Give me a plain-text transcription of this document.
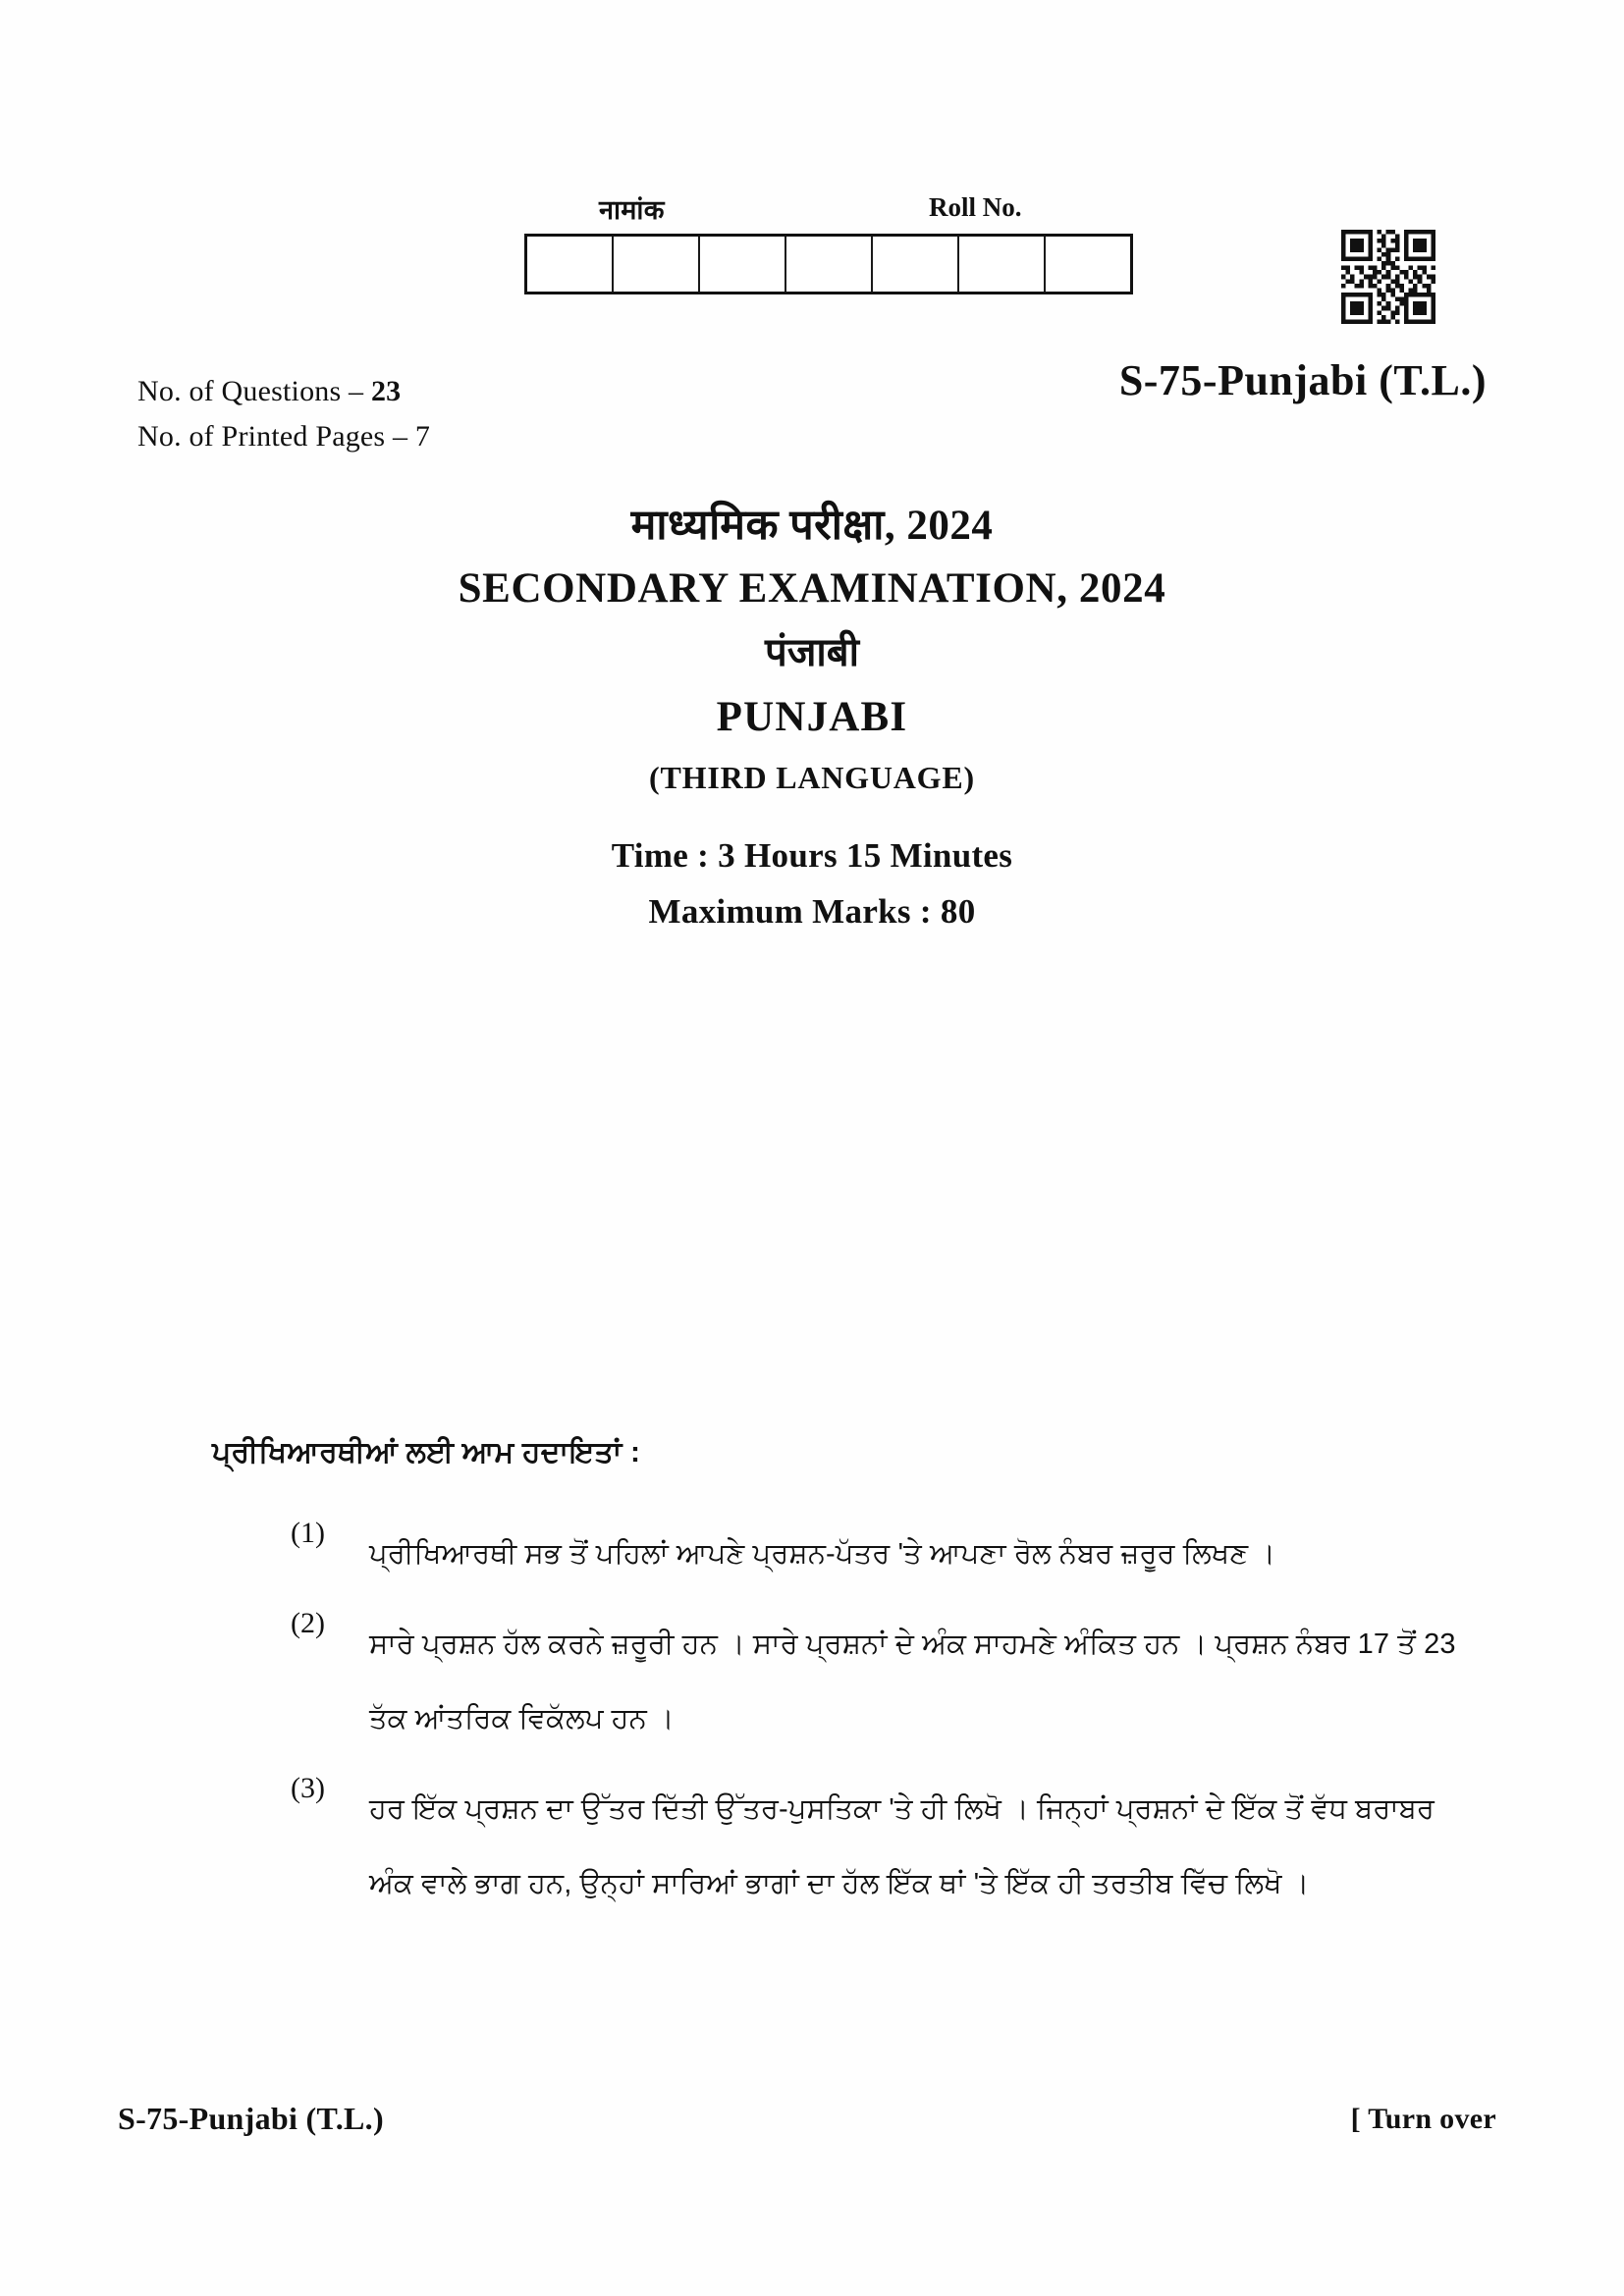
नामांक	Roll No.
No. of Questions – 23
No. of Printed Pages – 7
S-75-Punjabi (T.L.)
माध्यमिक परीक्षा, 2024
SECONDARY EXAMINATION, 2024
पंजाबी
PUNJABI
(THIRD LANGUAGE)
Time : 3 Hours 15 Minutes
Maximum Marks : 80
ਪ੍ਰੀਖਿਆਰਥੀਆਂ ਲਈ ਆਮ ਹਦਾਇਤਾਂ :
(1)
ਪ੍ਰੀਖਿਆਰਥੀ ਸਭ ਤੋਂ ਪਹਿਲਾਂ ਆਪਣੇ ਪ੍ਰਸ਼ਨ-ਪੱਤਰ 'ਤੇ ਆਪਣਾ ਰੋਲ ਨੰਬਰ ਜ਼ਰੂਰ ਲਿਖਣ ।
(2)
ਸਾਰੇ ਪ੍ਰਸ਼ਨ ਹੱਲ ਕਰਨੇ ਜ਼ਰੂਰੀ ਹਨ । ਸਾਰੇ ਪ੍ਰਸ਼ਨਾਂ ਦੇ ਅੰਕ ਸਾਹਮਣੇ ਅੰਕਿਤ ਹਨ । ਪ੍ਰਸ਼ਨ ਨੰਬਰ 17 ਤੋਂ 23 ਤੱਕ ਆਂਤਰਿਕ ਵਿਕੱਲਪ ਹਨ ।
(3)
ਹਰ ਇੱਕ ਪ੍ਰਸ਼ਨ ਦਾ ਉੱਤਰ ਦਿੱਤੀ ਉੱਤਰ-ਪੁਸਤਿਕਾ 'ਤੇ ਹੀ ਲਿਖੋ । ਜਿਨ੍ਹਾਂ ਪ੍ਰਸ਼ਨਾਂ ਦੇ ਇੱਕ ਤੋਂ ਵੱਧ ਬਰਾਬਰ ਅੰਕ ਵਾਲੇ ਭਾਗ ਹਨ, ਉਨ੍ਹਾਂ ਸਾਰਿਆਂ ਭਾਗਾਂ ਦਾ ਹੱਲ ਇੱਕ ਥਾਂ 'ਤੇ ਇੱਕ ਹੀ ਤਰਤੀਬ ਵਿੱਚ ਲਿਖੋ ।
S-75-Punjabi (T.L.)	[ Turn over
